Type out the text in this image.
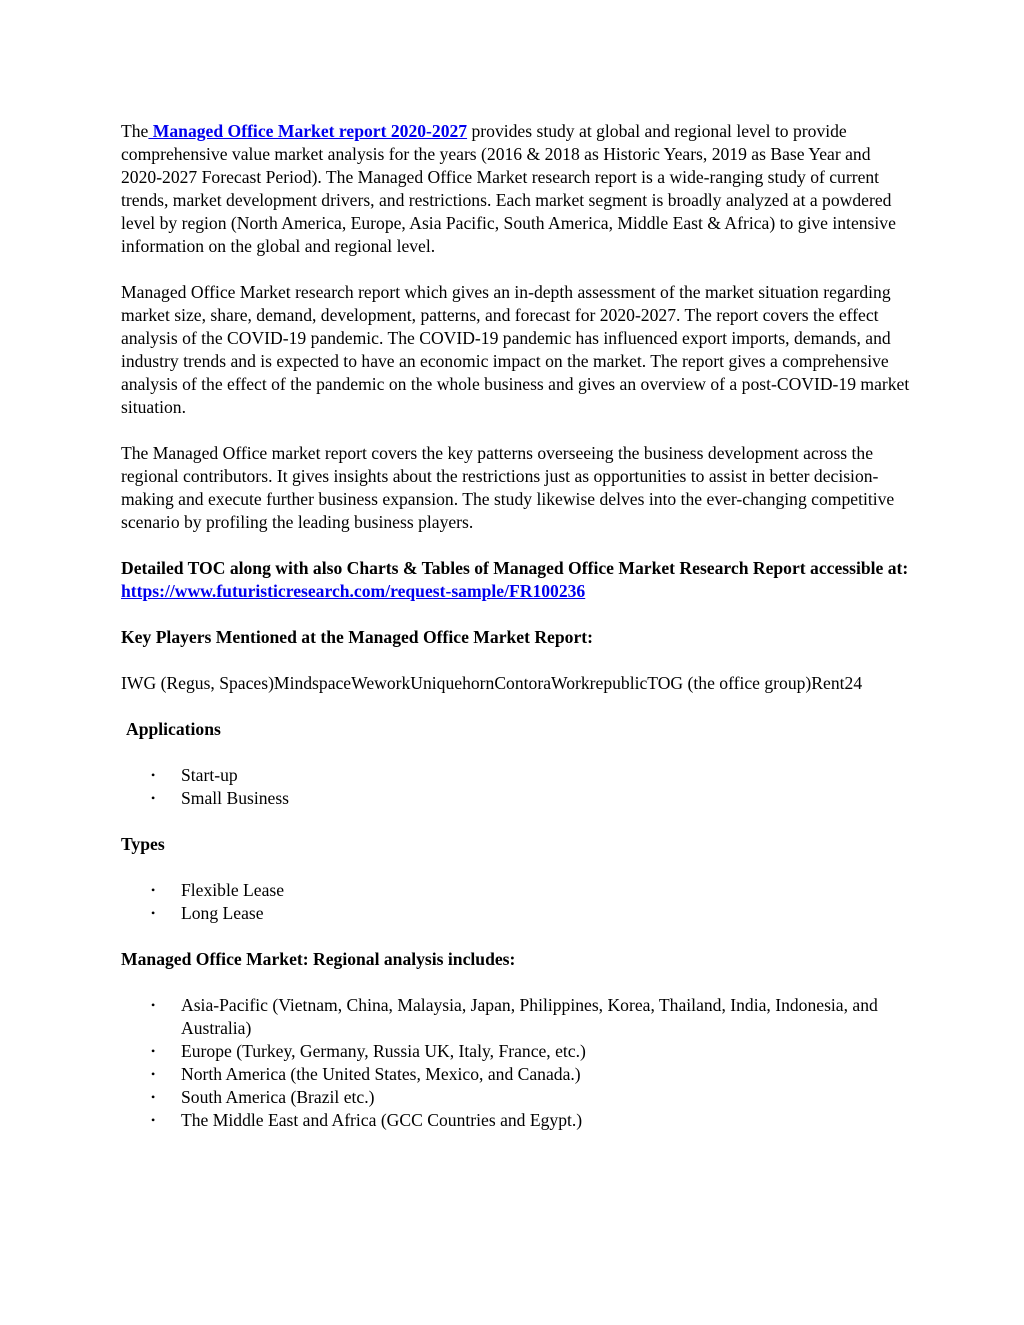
The Managed Office Market report 2020-2027 provides study at global and regional level to provide comprehensive value market analysis for the years (2016 & 2018 as Historic Years, 2019 as Base Year and 2020-2027 Forecast Period). The Managed Office Market research report is a wide-ranging study of current trends, market development drivers, and restrictions. Each market segment is broadly analyzed at a powdered level by region (North America, Europe, Asia Pacific, South America, Middle East & Africa) to give intensive information on the global and regional level.

Managed Office Market research report which gives an in-depth assessment of the market situation regarding market size, share, demand, development, patterns, and forecast for 2020-2027. The report covers the effect analysis of the COVID-19 pandemic. The COVID-19 pandemic has influenced export imports, demands, and industry trends and is expected to have an economic impact on the market. The report gives a comprehensive analysis of the effect of the pandemic on the whole business and gives an overview of a post-COVID-19 market situation.

The Managed Office market report covers the key patterns overseeing the business development across the regional contributors. It gives insights about the restrictions just as opportunities to assist in better decision-making and execute further business expansion. The study likewise delves into the ever-changing competitive scenario by profiling the leading business players.

Detailed TOC along with also Charts & Tables of Managed Office Market Research Report accessible at: https://www.futuristicresearch.com/request-sample/FR100236

Key Players Mentioned at the Managed Office Market Report:

IWG (Regus, Spaces)MindspaceWeworkUniquehornContoraWorkrepublicTOG (the office group)Rent24

Applications

• Start-up
• Small Business

Types

• Flexible Lease
• Long Lease

Managed Office Market: Regional analysis includes:

• Asia-Pacific (Vietnam, China, Malaysia, Japan, Philippines, Korea, Thailand, India, Indonesia, and Australia)
• Europe (Turkey, Germany, Russia UK, Italy, France, etc.)
• North America (the United States, Mexico, and Canada.)
• South America (Brazil etc.)
• The Middle East and Africa (GCC Countries and Egypt.)
